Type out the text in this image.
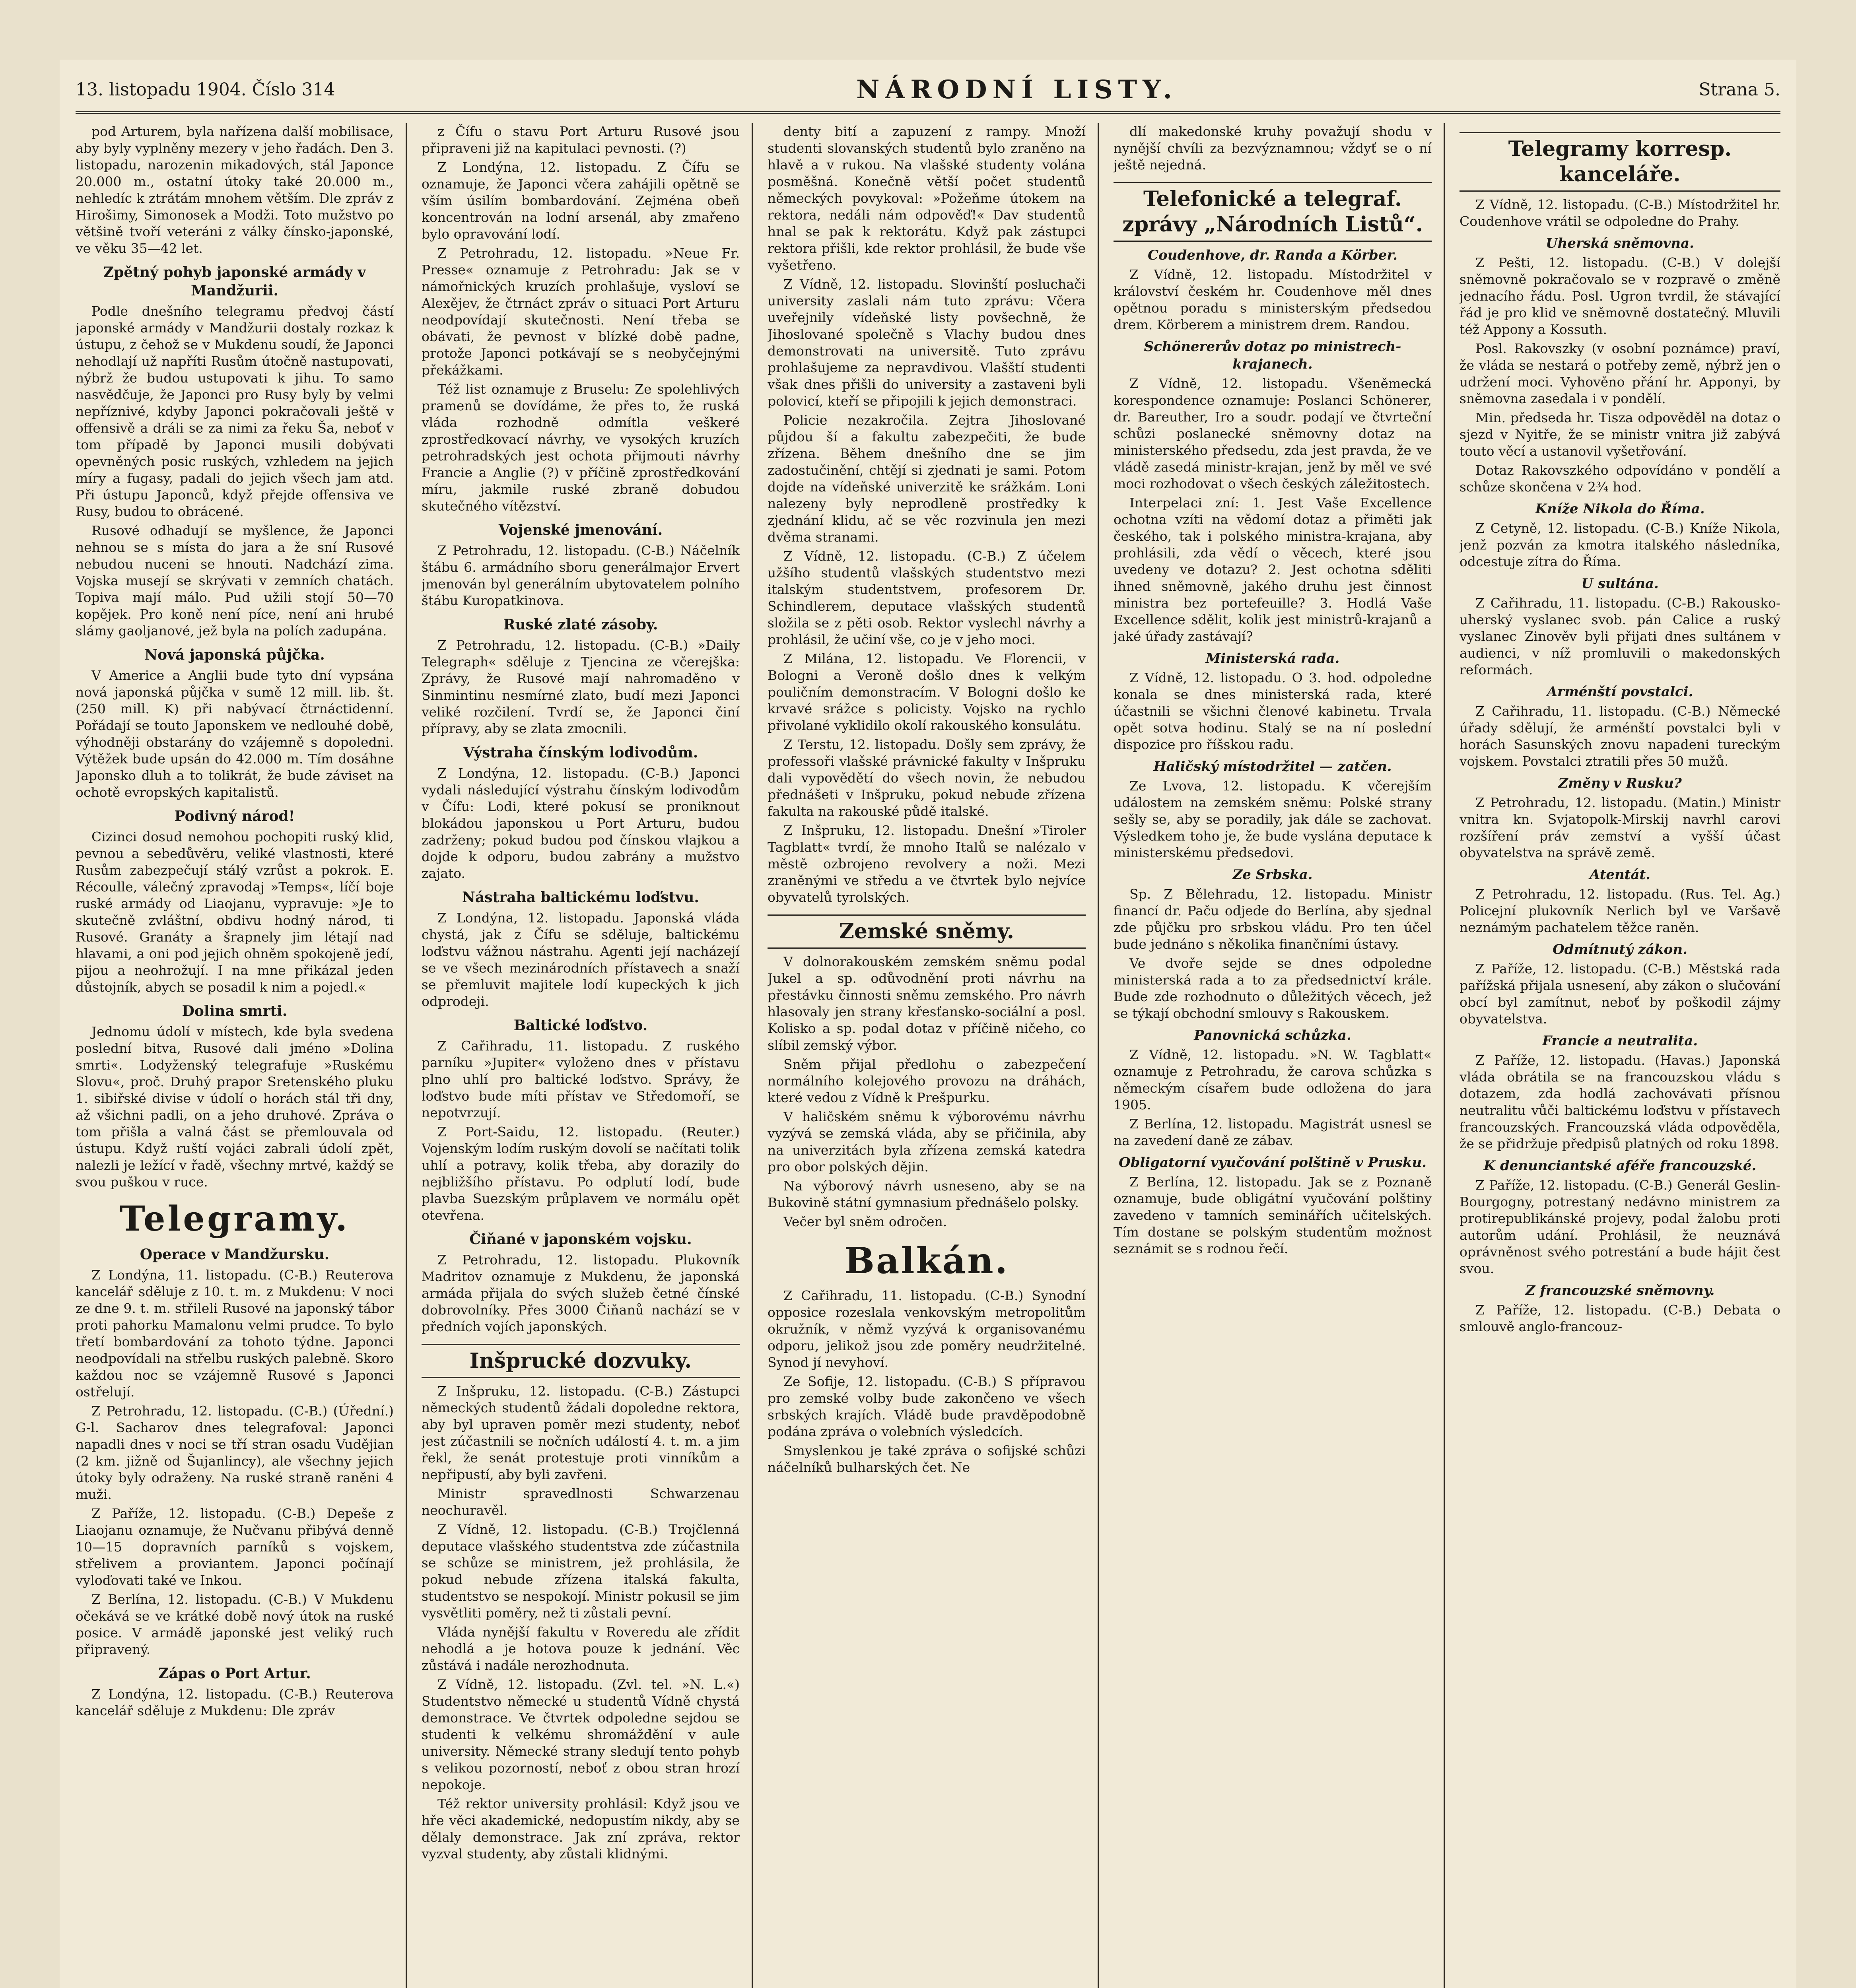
13. listopadu 1904. Číslo 314	NÁRODNÍ LISTY.	Strana 5.

pod Arturem, byla nařízena další mobilisace, aby byly vyplněny mezery v jeho řadách. Den 3. listopadu, narozenin mikadových, stál Japonce 20.000 m., ostatní útoky také 20.000 m., nehledíc k ztrátám mnohem větším. Dle zpráv z Hirošimy, Simonosek a Modži. Toto mužstvo po většině tvoří veteráni z války čínsko-japonské, ve věku 35—42 let.

Zpětný pohyb japonské armády v Mandžurii.

Podle dnešního telegramu předvoj částí japonské armády v Mandžurii dostaly rozkaz k ústupu, z čehož se v Mukdenu soudí, že Japonci nehodlají už napříti Rusům útočně nastupovati, nýbrž že budou ustupovati k jihu. To samo nasvědčuje, že Japonci pro Rusy byly by velmi nepříznivé, kdyby Japonci pokračovali ještě v offensivě a dráli se za nimi za řeku Ša, neboť v tom případě by Japonci musili dobývati opevněných posic ruských, vzhledem na jejich míry a fugasy, padali do jejich všech jam atd. Při ústupu Japonců, když přejde offensiva ve Rusy, budou to obrácené.

Rusové odhadují se myšlence, že Japonci nehnou se s místa do jara a že sní Rusové nebudou nuceni se hnouti. Nadchází zima. Vojska musejí se skrývati v zemních chatách. Topiva mají málo. Pud užili stojí 50—70 kopějek. Pro koně není píce, není ani hrubé slámy gaoljanové, jež byla na polích zadupána.

Nová japonská půjčka.

V Americe a Anglii bude tyto dní vypsána nová japonská půjčka v sumě 12 mill. lib. št. (250 mill. K) při nabývací čtrnáctidenní. Pořádají se touto Japonskem ve nedlouhé době, výhodněji obstarány do vzájemně s dopoledni. Výtěžek bude upsán do 42.000 m. Tím dosáhne Japonsko dluh a to tolikrát, že bude záviset na ochotě evropských kapitalistů.

Podivný národ!

Cizinci dosud nemohou pochopiti ruský klid, pevnou a sebedůvěru, veliké vlastnosti, které Rusům zabezpečují stálý vzrůst a pokrok. E. Récoulle, válečný zpravodaj »Temps«, líčí boje ruské armády od Liaojanu, vypravuje: »Je to skutečně zvláštní, obdivu hodný národ, ti Rusové. Granáty a šrapnely jim létají nad hlavami, a oni pod jejich ohněm spokojeně jedí, pijou a neohrožují. I na mne přikázal jeden důstojník, abych se posadil k nim a pojedl.«

Dolina smrti.

Jednomu údolí v místech, kde byla svedena poslední bitva, Rusové dali jméno »Dolina smrti«. Lodyženský telegrafuje »Ruskému Slovu«, proč. Druhý prapor Sretenského pluku 1. sibiřské divise v údolí o horách stál tři dny, až všichni padli, on a jeho druhové. Zpráva o tom přišla a valná část se přemlouvala od ústupu. Když ruští vojáci zabrali údolí zpět, nalezli je ležící v řadě, všechny mrtvé, každý se svou puškou v ruce.

Telegramy.
Operace v Mandžursku.

Z Londýna, 11. listopadu. (C-B.) Reuterova kancelář sděluje z 10. t. m. z Mukdenu: V noci ze dne 9. t. m. střileli Rusové na japonský tábor proti pahorku Mamalonu velmi prudce. To bylo třetí bombardování za tohoto týdne. Japonci neodpovídali na střelbu ruských palebně. Skoro každou noc se vzájemně Rusové s Japonci ostřelují.

Z Petrohradu, 12. listopadu. (C-B.) (Úřední.) G-l. Sacharov dnes telegrafoval: Japonci napadli dnes v noci se tří stran osadu Vudějian (2 km. jižně od Šujanlincy), ale všechny jejich útoky byly odraženy. Na ruské straně raněni 4 muži.

Z Paříže, 12. listopadu. (C-B.) Depeše z Liaojanu oznamuje, že Nučvanu přibývá denně 10—15 dopravních parníků s vojskem, střelivem a proviantem. Japonci počínají vyloďovati také ve Inkou.

Z Berlína, 12. listopadu. (C-B.) V Mukdenu očekává se ve krátké době nový útok na ruské posice. V armádě japonské jest veliký ruch připravený.

Zápas o Port Artur.

Z Londýna, 12. listopadu. (C-B.) Reuterova kancelář sděluje z Mukdenu: Dle zpráv

z Čífu o stavu Port Arturu Rusové jsou připraveni již na kapitulaci pevnosti. (?)

Z Londýna, 12. listopadu. Z Čífu se oznamuje, že Japonci včera zahájili opětně se vším úsilím bombardování. Zejména obeň koncentrován na lodní arsenál, aby zmařeno bylo opravování lodí.

Z Petrohradu, 12. listopadu. »Neue Fr. Presse« oznamuje z Petrohradu: Jak se v námořnických kruzích prohlašuje, vysloví se Alexějev, že čtrnáct zpráv o situaci Port Arturu neodpovídají skutečnosti. Není třeba se obávati, že pevnost v blízké době padne, protože Japonci potkávají se s neobyčejnými překážkami.

Též list oznamuje z Bruselu: Ze spolehlivých pramenů se dovídáme, že přes to, že ruská vláda rozhodně odmítla veškeré zprostředkovací návrhy, ve vysokých kruzích petrohradských jest ochota přijmouti návrhy Francie a Anglie (?) v příčině zprostředkování míru, jakmile ruské zbraně dobudou skutečného vítězství.

Vojenské jmenování.

Z Petrohradu, 12. listopadu. (C-B.) Náčelník štábu 6. armádního sboru generálmajor Ervert jmenován byl generálním ubytovatelem polního štábu Kuropatkinova.

Ruské zlaté zásoby.

Z Petrohradu, 12. listopadu. (C-B.) »Daily Telegraph« sděluje z Tjencina ze včerejška: Zprávy, že Rusové mají nahromaděno v Sinmintinu nesmírné zlato, budí mezi Japonci veliké rozčilení. Tvrdí se, že Japonci činí přípravy, aby se zlata zmocnili.

Výstraha čínským lodivodům.

Z Londýna, 12. listopadu. (C-B.) Japonci vydali následující výstrahu čínským lodivodům v Čífu: Lodi, které pokusí se proniknout blokádou japonskou u Port Arturu, budou zadrženy; pokud budou pod čínskou vlajkou a dojde k odporu, budou zabrány a mužstvo zajato.

Nástraha baltickému loďstvu.

Z Londýna, 12. listopadu. Japonská vláda chystá, jak z Čífu se sděluje, baltickému loďstvu vážnou nástrahu. Agenti její nacházejí se ve všech mezinárodních přístavech a snaží se přemluvit majitele lodí kupeckých k jich odprodeji.

Baltické loďstvo.

Z Cařihradu, 11. listopadu. Z ruského parníku »Jupiter« vyloženo dnes v přístavu plno uhlí pro baltické loďstvo. Správy, že loďstvo bude míti přístav ve Středomoří, se nepotvrzují.

Z Port-Saidu, 12. listopadu. (Reuter.) Vojenským lodím ruským dovolí se načítati tolik uhlí a potravy, kolik třeba, aby dorazily do nejbližšího přístavu. Po odplutí lodí, bude plavba Suezským průplavem ve normálu opět otevřena.

Čiňané v japonském vojsku.

Z Petrohradu, 12. listopadu. Plukovník Madritov oznamuje z Mukdenu, že japonská armáda přijala do svých služeb četné čínské dobrovolníky. Přes 3000 Čiňanů nachází se v předních vojích japonských.

Inšprucké dozvuky.

Z Inšpruku, 12. listopadu. (C-B.) Zástupci německých studentů žádali dopoledne rektora, aby byl upraven poměr mezi studenty, neboť jest zúčastnili se nočních událostí 4. t. m. a jim řekl, že senát protestuje proti vinníkům a nepřipustí, aby byli zavřeni.

Ministr spravedlnosti Schwarzenau neochuravěl.

Z Vídně, 12. listopadu. (C-B.) Trojčlenná deputace vlašského studentstva zde zúčastnila se schůze se ministrem, jež prohlásila, že pokud nebude zřízena italská fakulta, studentstvo se nespokojí. Ministr pokusil se jim vysvětliti poměry, než ti zůstali pevní.

Vláda nynější fakultu v Roveredu ale zřídit nehodlá a je hotova pouze k jednání. Věc zůstává i nadále nerozhodnuta.

Z Vídně, 12. listopadu. (Zvl. tel. »N. L.«) Studentstvo německé u studentů Vídně chystá demonstrace. Ve čtvrtek odpoledne sejdou se studenti k velkému shromáždění v aule university. Německé strany sledují tento pohyb s velikou pozorností, neboť z obou stran hrozí nepokoje.

Též rektor university prohlásil: Když jsou ve hře věci akademické, nedopustím nikdy, aby se dělaly demonstrace. Jak zní zpráva, rektor vyzval studenty, aby zůstali klidnými.

denty bití a zapuzení z rampy. Množí studenti slovanských studentů bylo zraněno na hlavě a v rukou. Na vlašské studenty volána posměšná. Konečně větší počet studentů německých povykoval: »Požeňme útokem na rektora, nedáli nám odpověď!« Dav studentů hnal se pak k rektorátu. Když pak zástupci rektora přišli, kde rektor prohlásil, že bude vše vyšetřeno.

Z Vídně, 12. listopadu. Slovinští posluchači university zaslali nám tuto zprávu: Včera uveřejnily vídeňské listy povšechně, že Jihoslované společně s Vlachy budou dnes demonstrovati na universitě. Tuto zprávu prohlašujeme za nepravdivou. Vlašští studenti však dnes přišli do university a zastaveni byli polovicí, kteří se připojili k jejich demonstraci.

Policie nezakročila. Zejtra Jihoslované půjdou ší a fakultu zabezpečiti, že bude zřízena. Během dnešního dne se jim zadostučinění, chtějí si zjednati je sami. Potom dojde na vídeňské univerzitě ke srážkám. Loni nalezeny byly neprodleně prostředky k zjednání klidu, ač se věc rozvinula jen mezi dvěma stranami.

Z Vídně, 12. listopadu. (C-B.) Z účelem užšího studentů vlašských studentstvo mezi italským studentstvem, profesorem Dr. Schindlerem, deputace vlašských studentů složila se z pěti osob. Rektor vyslechl návrhy a prohlásil, že učiní vše, co je v jeho moci.

Z Milána, 12. listopadu. Ve Florencii, v Bologni a Veroně došlo dnes k velkým pouličním demonstracím. V Bologni došlo ke krvavé srážce s policisty. Vojsko na rychlo přivolané vyklidilo okolí rakouského konsulátu.

Z Terstu, 12. listopadu. Došly sem zprávy, že professoři vlašské právnické fakulty v Inšpruku dali vypovědětí do všech novin, že nebudou přednášeti v Inšpruku, pokud nebude zřízena fakulta na rakouské půdě italské.

Z Inšpruku, 12. listopadu. Dnešní »Tiroler Tagblatt« tvrdí, že mnoho Italů se nalézalo v městě ozbrojeno revolvery a noži. Mezi zraněnými ve středu a ve čtvrtek bylo nejvíce obyvatelů tyrolských.

Zemské sněmy.

V dolnorakouském zemském sněmu podal Jukel a sp. odůvodnění proti návrhu na přestávku činnosti sněmu zemského. Pro návrh hlasovaly jen strany křesťansko-sociální a posl. Kolisko a sp. podal dotaz v příčině ničeho, co slíbil zemský výbor.

Sněm přijal předlohu o zabezpečení normálního kolejového provozu na dráhách, které vedou z Vídně k Prešpurku.

V haličském sněmu k výborovému návrhu vyzývá se zemská vláda, aby se přičinila, aby na univerzitách byla zřízena zemská katedra pro obor polských dějin.

Na výborový návrh usneseno, aby se na Bukovině státní gymnasium přednášelo polsky.

Večer byl sněm odročen.

Balkán.

Z Cařihradu, 11. listopadu. (C-B.) Synodní opposice rozeslala venkovským metropolitům okružník, v němž vyzývá k organisovanému odporu, jelikož jsou zde poměry neudržitelné. Synod jí nevyhoví.

Ze Sofije, 12. listopadu. (C-B.) S přípravou pro zemské volby bude zakončeno ve všech srbských krajích. Vládě bude pravděpodobně podána zpráva o volebních výsledcích.

Smyslenkou je také zpráva o sofijské schůzi náčelníků bulharských čet. Ne

dlí makedonské kruhy považují shodu v nynější chvíli za bezvýznamnou; vždyť se o ní ještě nejedná.

Telefonické a telegraf. zprávy „Národních Listů“.
Coudenhove, dr. Randa a Körber.

Z Vídně, 12. listopadu. Místodržitel v království českém hr. Coudenhove měl dnes opětnou poradu s ministerským předsedou drem. Körberem a ministrem drem. Randou.

Schönererův dotaz po ministrech-krajanech.

Z Vídně, 12. listopadu. Všeněmecká korespondence oznamuje: Poslanci Schönerer, dr. Bareuther, Iro a soudr. podají ve čtvrteční schůzi poslanecké sněmovny dotaz na ministerského předsedu, zda jest pravda, že ve vládě zasedá ministr-krajan, jenž by měl ve své moci rozhodovat o všech českých záležitostech.

Interpelaci zní: 1. Jest Vaše Excellence ochotna vzíti na vědomí dotaz a přiměti jak českého, tak i polského ministra-krajana, aby prohlásili, zda vědí o věcech, které jsou uvedeny ve dotazu? 2. Jest ochotna sděliti ihned sněmovně, jakého druhu jest činnost ministra bez portefeuille? 3. Hodlá Vaše Excellence sdělit, kolik jest ministrů-krajanů a jaké úřady zastávají?

Ministerská rada.

Z Vídně, 12. listopadu. O 3. hod. odpoledne konala se dnes ministerská rada, které účastnili se všichni členové kabinetu. Trvala opět sotva hodinu. Stalý se na ní poslední dispozice pro říšskou radu.

Haličský místodržitel — zatčen.

Ze Lvova, 12. listopadu. K včerejším událostem na zemském sněmu: Polské strany sešly se, aby se poradily, jak dále se zachovat. Výsledkem toho je, že bude vyslána deputace k ministerskému předsedovi.

Ze Srbska.

Sp. Z Bělehradu, 12. listopadu. Ministr financí dr. Paču odjede do Berlína, aby sjednal zde půjčku pro srbskou vládu. Pro ten účel bude jednáno s několika finančními ústavy.

Ve dvoře sejde se dnes odpoledne ministerská rada a to za předsednictví krále. Bude zde rozhodnuto o důležitých věcech, jež se týkají obchodní smlouvy s Rakouskem.

Panovnická schůzka.

Z Vídně, 12. listopadu. »N. W. Tagblatt« oznamuje z Petrohradu, že carova schůzka s německým císařem bude odložena do jara 1905.

Z Berlína, 12. listopadu. Magistrát usnesl se na zavedení daně ze zábav.

Obligatorní vyučování polštině v Prusku.

Z Berlína, 12. listopadu. Jak se z Poznaně oznamuje, bude obligátní vyučování polštiny zavedeno v tamních seminářích učitelských. Tím dostane se polským studentům možnost seznámit se s rodnou řečí.

Telegramy korresp. kanceláře.

Z Vídně, 12. listopadu. (C-B.) Místodržitel hr. Coudenhove vrátil se odpoledne do Prahy.

Uherská sněmovna.

Z Pešti, 12. listopadu. (C-B.) V dolejší sněmovně pokračovalo se v rozpravě o změně jednacího řádu. Posl. Ugron tvrdil, že stávající řád je pro klid ve sněmovně dostatečný. Mluvili též Appony a Kossuth.

Posl. Rakovszky (v osobní poznámce) praví, že vláda se nestará o potřeby země, nýbrž jen o udržení moci. Vyhověno přání hr. Apponyi, by sněmovna zasedala i v pondělí.

Min. předseda hr. Tisza odpověděl na dotaz o sjezd v Nyitře, že se ministr vnitra již zabývá touto věcí a ustanovil vyšetřování.

Dotaz Rakovszkého odpovídáno v pondělí a schůze skončena v 2¾ hod.

Kníže Nikola do Říma.

Z Cetyně, 12. listopadu. (C-B.) Kníže Nikola, jenž pozván za kmotra italského následníka, odcestuje zítra do Říma.

U sultána.

Z Cařihradu, 11. listopadu. (C-B.) Rakousko-uherský vyslanec svob. pán Calice a ruský vyslanec Zinověv byli přijati dnes sultánem v audienci, v níž promluvili o makedonských reformách.

Arménští povstalci.

Z Cařihradu, 11. listopadu. (C-B.) Německé úřady sdělují, že arménští povstalci byli v horách Sasunských znovu napadeni tureckým vojskem. Povstalci ztratili přes 50 mužů.

Změny v Rusku?

Z Petrohradu, 12. listopadu. (Matin.) Ministr vnitra kn. Svjatopolk-Mirskij navrhl carovi rozšíření práv zemství a vyšší účast obyvatelstva na správě země.

Atentát.

Z Petrohradu, 12. listopadu. (Rus. Tel. Ag.) Policejní plukovník Nerlich byl ve Varšavě neznámým pachatelem těžce raněn.

Odmítnutý zákon.

Z Paříže, 12. listopadu. (C-B.) Městská rada pařížská přijala usnesení, aby zákon o slučování obcí byl zamítnut, neboť by poškodil zájmy obyvatelstva.

Francie a neutralita.

Z Paříže, 12. listopadu. (Havas.) Japonská vláda obrátila se na francouzskou vládu s dotazem, zda hodlá zachovávati přísnou neutralitu vůči baltickému loďstvu v přístavech francouzských. Francouzská vláda odpověděla, že se přidržuje předpisů platných od roku 1898.

K denunciantské aféře francouzské.

Z Paříže, 12. listopadu. (C-B.) Generál Geslin-Bourgogny, potrestaný nedávno ministrem za protirepublikánské projevy, podal žalobu proti autorům udání. Prohlásil, že neuznává oprávněnost svého potrestání a bude hájit čest svou.

Z francouzské sněmovny.

Z Paříže, 12. listopadu. (C-B.) Debata o smlouvě anglo-francouz-
